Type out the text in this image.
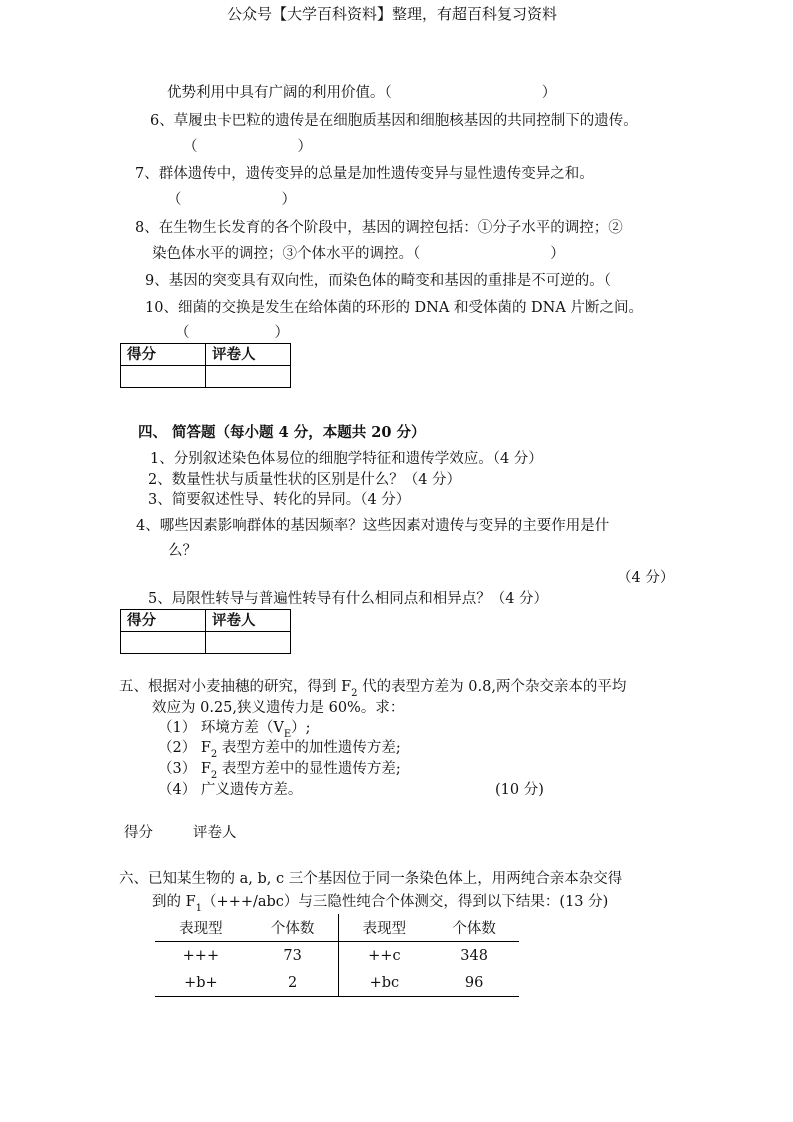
公众号【大学百科资料】整理，有超百科复习资料
优势利用中具有广阔的利用价值。（	）
6、草履虫卡巴粒的遗传是在细胞质基因和细胞核基因的共同控制下的遗传。
（	）
7、群体遗传中，遗传变异的总量是加性遗传变异与显性遗传变异之和。
（	）
8、在生物生长发育的各个阶段中，基因的调控包括：①分子水平的调控；②
染色体水平的调控；③个体水平的调控。（	）
9、基因的突变具有双向性，而染色体的畸变和基因的重排是不可逆的。（
10、细菌的交换是发生在给体菌的环形的 DNA 和受体菌的 DNA 片断之间。
（	）
得分	评卷人

四、 简答题（每小题 4 分，本题共 20 分）
1、分别叙述染色体易位的细胞学特征和遗传学效应。（4 分）
2、数量性状与质量性状的区别是什么？（4 分）
3、简要叙述性导、转化的异同。（4 分）
4、哪些因素影响群体的基因频率？这些因素对遗传与变异的主要作用是什
么？
（4 分）
5、局限性转导与普遍性转导有什么相同点和相异点？（4 分）
得分	评卷人

五、根据对小麦抽穗的研究，得到 $F_2$ 代的表型方差为 0.8,两个杂交亲本的平均
效应为 0.25,狭义遗传力是 60%。求：
（1） 环境方差$(V_E)$;
（2） $F_2$ 表型方差中的加性遗传方差;
（3） $F_2$ 表型方差中的显性遗传方差;
（4） 广义遗传方差。	(10 分)
得分	评卷人
六、已知某生物的 a, b, c 三个基因位于同一条染色体上，用两纯合亲本杂交得
到的 $F_1(+++/abc)$与三隐性纯合个体测交，得到以下结果：(13 分)
表现型	个体数	表现型	个体数
+++	73	++c	348
+b+	2	+bc	96
